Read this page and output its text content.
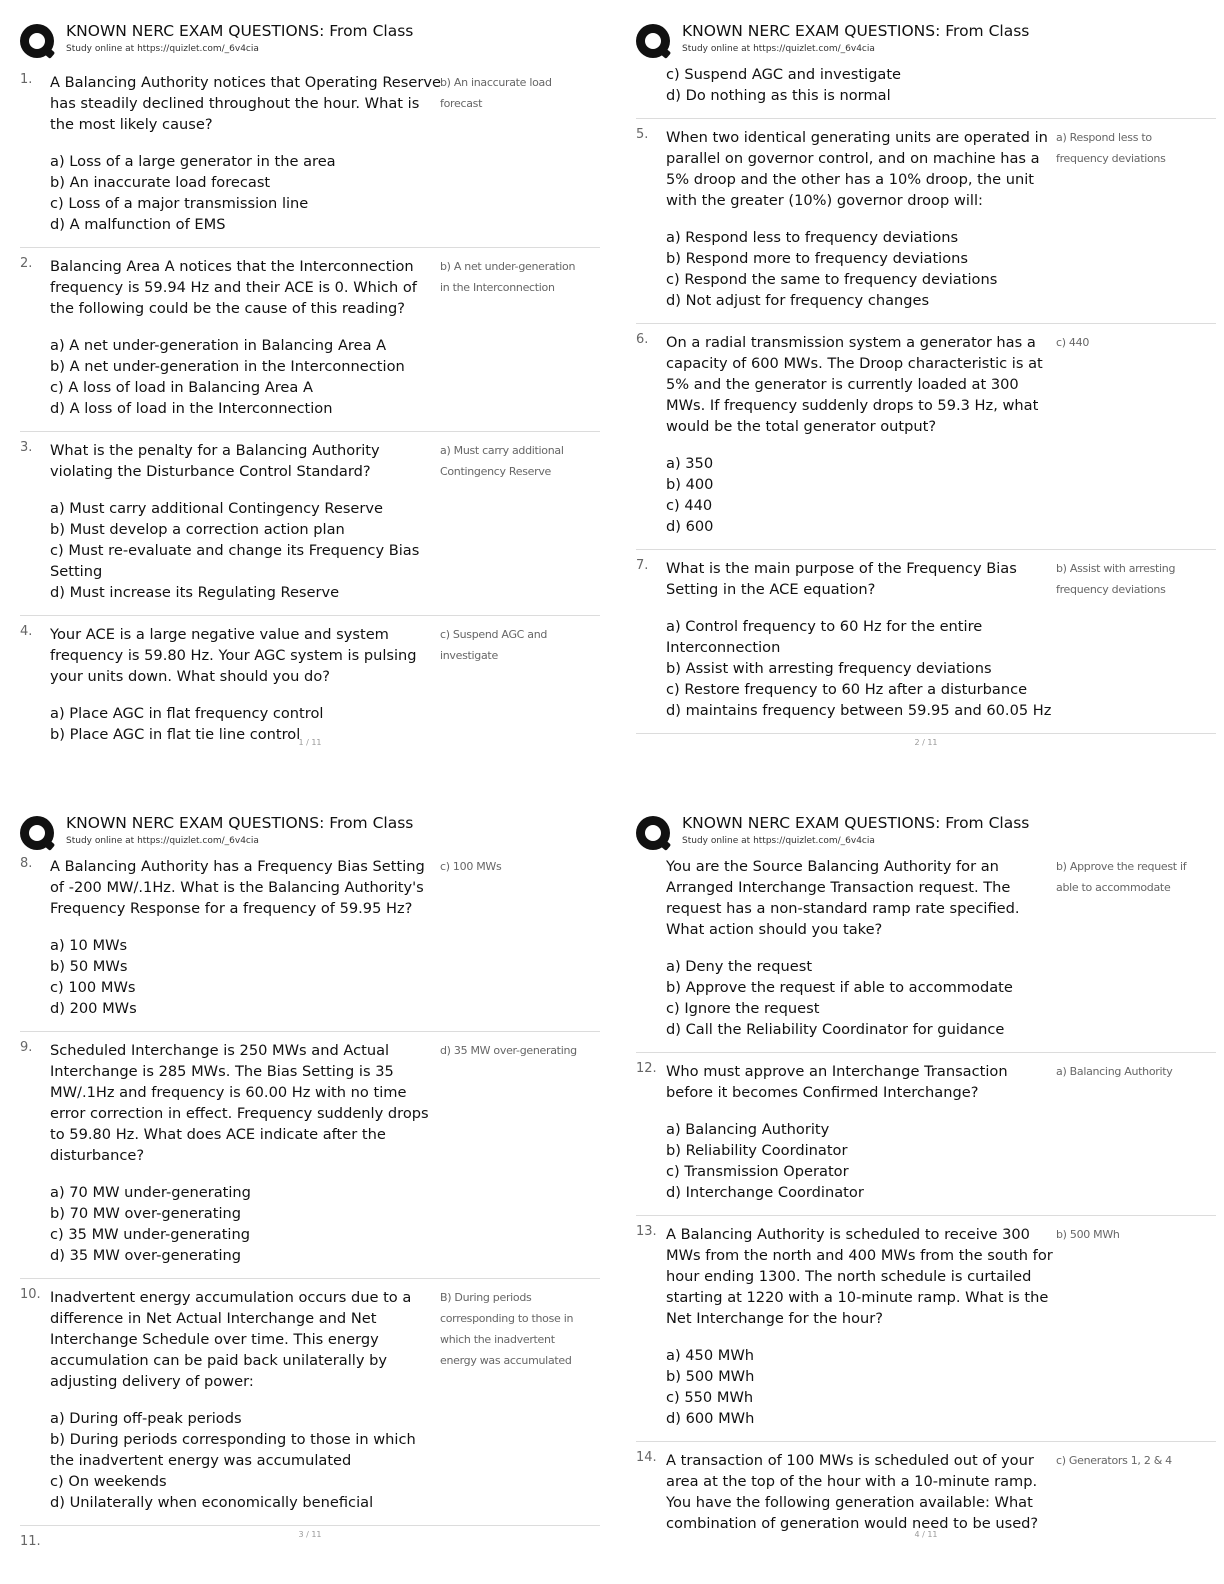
KNOWN NERC EXAM QUESTIONS: From Class
Study online at https://quizlet.com/_6v4cia
1.	A Balancing Authority notices that Operating Reserve has steadily declined throughout the hour. What is the most likely cause?
b) An inaccurate load forecast
a) Loss of a large generator in the area
b) An inaccurate load forecast
c) Loss of a major transmission line
d) A malfunction of EMS
2.	Balancing Area A notices that the Interconnection frequency is 59.94 Hz and their ACE is 0. Which of the following could be the cause of this reading?
b) A net under-generation in the Interconnection
a) A net under-generation in Balancing Area A
b) A net under-generation in the Interconnection
c) A loss of load in Balancing Area A
d) A loss of load in the Interconnection
3.	What is the penalty for a Balancing Authority violating the Disturbance Control Standard?
a) Must carry additional Contingency Reserve
a) Must carry additional Contingency Reserve
b) Must develop a correction action plan
c) Must re-evaluate and change its Frequency Bias Setting
d) Must increase its Regulating Reserve
4.	Your ACE is a large negative value and system frequency is 59.80 Hz. Your AGC system is pulsing your units down. What should you do?
c) Suspend AGC and investigate
a) Place AGC in flat frequency control
b) Place AGC in flat tie line control
1 / 11
KNOWN NERC EXAM QUESTIONS: From Class
Study online at https://quizlet.com/_6v4cia
c) Suspend AGC and investigate
d) Do nothing as this is normal
5.	When two identical generating units are operated in parallel on governor control, and on machine has a 5% droop and the other has a 10% droop, the unit with the greater (10%) governor droop will:
a) Respond less to frequency deviations
a) Respond less to frequency deviations
b) Respond more to frequency deviations
c) Respond the same to frequency deviations
d) Not adjust for frequency changes
6.	On a radial transmission system a generator has a capacity of 600 MWs. The Droop characteristic is at 5% and the generator is currently loaded at 300 MWs. If frequency suddenly drops to 59.3 Hz, what would be the total generator output?
c) 440
a) 350
b) 400
c) 440
d) 600
7.	What is the main purpose of the Frequency Bias Setting in the ACE equation?
b) Assist with arresting frequency deviations
a) Control frequency to 60 Hz for the entire Interconnection
b) Assist with arresting frequency deviations
c) Restore frequency to 60 Hz after a disturbance
d) maintains frequency between 59.95 and 60.05 Hz
2 / 11
KNOWN NERC EXAM QUESTIONS: From Class
Study online at https://quizlet.com/_6v4cia
8.	A Balancing Authority has a Frequency Bias Setting of -200 MW/.1Hz. What is the Balancing Authority's Frequency Response for a frequency of 59.95 Hz?
c) 100 MWs
a) 10 MWs
b) 50 MWs
c) 100 MWs
d) 200 MWs
9.	Scheduled Interchange is 250 MWs and Actual Interchange is 285 MWs. The Bias Setting is 35 MW/.1Hz and frequency is 60.00 Hz with no time error correction in effect. Frequency suddenly drops to 59.80 Hz. What does ACE indicate after the disturbance?
d) 35 MW over-generating
a) 70 MW under-generating
b) 70 MW over-generating
c) 35 MW under-generating
d) 35 MW over-generating
10. Inadvertent energy accumulation occurs due to a difference in Net Actual Interchange and Net Interchange Schedule over time. This energy accumulation can be paid back unilaterally by adjusting delivery of power:
B) During periods corresponding to those in which the inadvertent energy was accumulated
a) During off-peak periods
b) During periods corresponding to those in which the inadvertent energy was accumulated
c) On weekends
d) Unilaterally when economically beneficial
11.	3 / 11
KNOWN NERC EXAM QUESTIONS: From Class
Study online at https://quizlet.com/_6v4cia
You are the Source Balancing Authority for an Arranged Interchange Transaction request. The request has a non-standard ramp rate specified. What action should you take?
b) Approve the request if able to accommodate
a) Deny the request
b) Approve the request if able to accommodate
c) Ignore the request
d) Call the Reliability Coordinator for guidance
12. Who must approve an Interchange Transaction before it becomes Confirmed Interchange?
a) Balancing Authority
a) Balancing Authority
b) Reliability Coordinator
c) Transmission Operator
d) Interchange Coordinator
13. A Balancing Authority is scheduled to receive 300 MWs from the north and 400 MWs from the south for hour ending 1300. The north schedule is curtailed starting at 1220 with a 10-minute ramp. What is the Net Interchange for the hour?
b) 500 MWh
a) 450 MWh
b) 500 MWh
c) 550 MWh
d) 600 MWh
14. A transaction of 100 MWs is scheduled out of your area at the top of the hour with a 10-minute ramp. You have the following generation available: What combination of generation would need to be used?
c) Generators 1, 2 & 4
4 / 11
